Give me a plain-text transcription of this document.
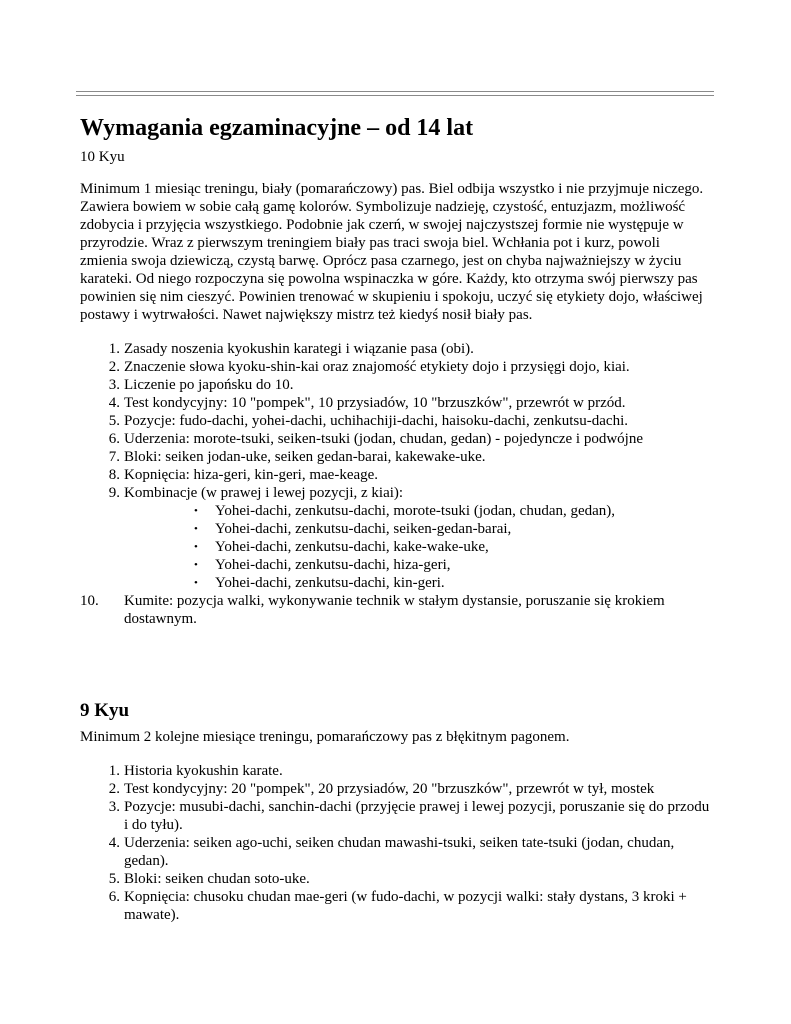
Wymagania egzaminacyjne – od 14 lat

10 Kyu

Minimum 1 miesiąc treningu, biały (pomarańczowy) pas. Biel odbija wszystko i nie przyjmuje niczego. Zawiera bowiem w sobie całą gamę kolorów. Symbolizuje nadzieję, czystość, entuzjazm, możliwość zdobycia i przyjęcia wszystkiego. Podobnie jak czerń, w swojej najczystszej formie nie występuje w przyrodzie. Wraz z pierwszym treningiem biały pas traci swoja biel. Wchłania pot i kurz, powoli zmienia swoja dziewiczą, czystą barwę. Oprócz pasa czarnego, jest on chyba najważniejszy w życiu karateki. Od niego rozpoczyna się powolna wspinaczka w góre. Każdy, kto otrzyma swój pierwszy pas powinien się nim cieszyć. Powinien trenować w skupieniu i spokoju, uczyć się etykiety dojo, właściwej postawy i wytrwałości. Nawet największy mistrz też kiedyś nosił biały pas.

1. Zasady noszenia kyokushin karategi i wiązanie pasa (obi).
2. Znaczenie słowa kyoku-shin-kai oraz znajomość etykiety dojo i przysięgi dojo, kiai.
3. Liczenie po japońsku do 10.
4. Test kondycyjny: 10 "pompek", 10 przysiadów, 10 "brzuszków", przewrót w przód.
5. Pozycje: fudo-dachi, yohei-dachi, uchihachiji-dachi, haisoku-dachi, zenkutsu-dachi.
6. Uderzenia: morote-tsuki, seiken-tsuki (jodan, chudan, gedan) - pojedyncze i podwójne
7. Bloki: seiken jodan-uke, seiken gedan-barai, kakewake-uke.
8. Kopnięcia: hiza-geri, kin-geri, mae-keage.
9. Kombinacje (w prawej i lewej pozycji, z kiai):
• Yohei-dachi, zenkutsu-dachi, morote-tsuki (jodan, chudan, gedan),
• Yohei-dachi, zenkutsu-dachi, seiken-gedan-barai,
• Yohei-dachi, zenkutsu-dachi, kake-wake-uke,
• Yohei-dachi, zenkutsu-dachi, hiza-geri,
• Yohei-dachi, zenkutsu-dachi, kin-geri.
10.	Kumite: pozycja walki, wykonywanie technik w stałym dystansie, poruszanie się krokiem dostawnym.
9 Kyu

Minimum 2 kolejne miesiące treningu, pomarańczowy pas z błękitnym pagonem.

1. Historia kyokushin karate.
2. Test kondycyjny: 20 "pompek", 20 przysiadów, 20 "brzuszków", przewrót w tył, mostek
3. Pozycje: musubi-dachi, sanchin-dachi (przyjęcie prawej i lewej pozycji, poruszanie się do przodu i do tyłu).
4. Uderzenia: seiken ago-uchi, seiken chudan mawashi-tsuki, seiken tate-tsuki (jodan, chudan, gedan).
5. Bloki: seiken chudan soto-uke.
6. Kopnięcia: chusoku chudan mae-geri (w fudo-dachi, w pozycji walki: stały dystans, 3 kroki + mawate).
